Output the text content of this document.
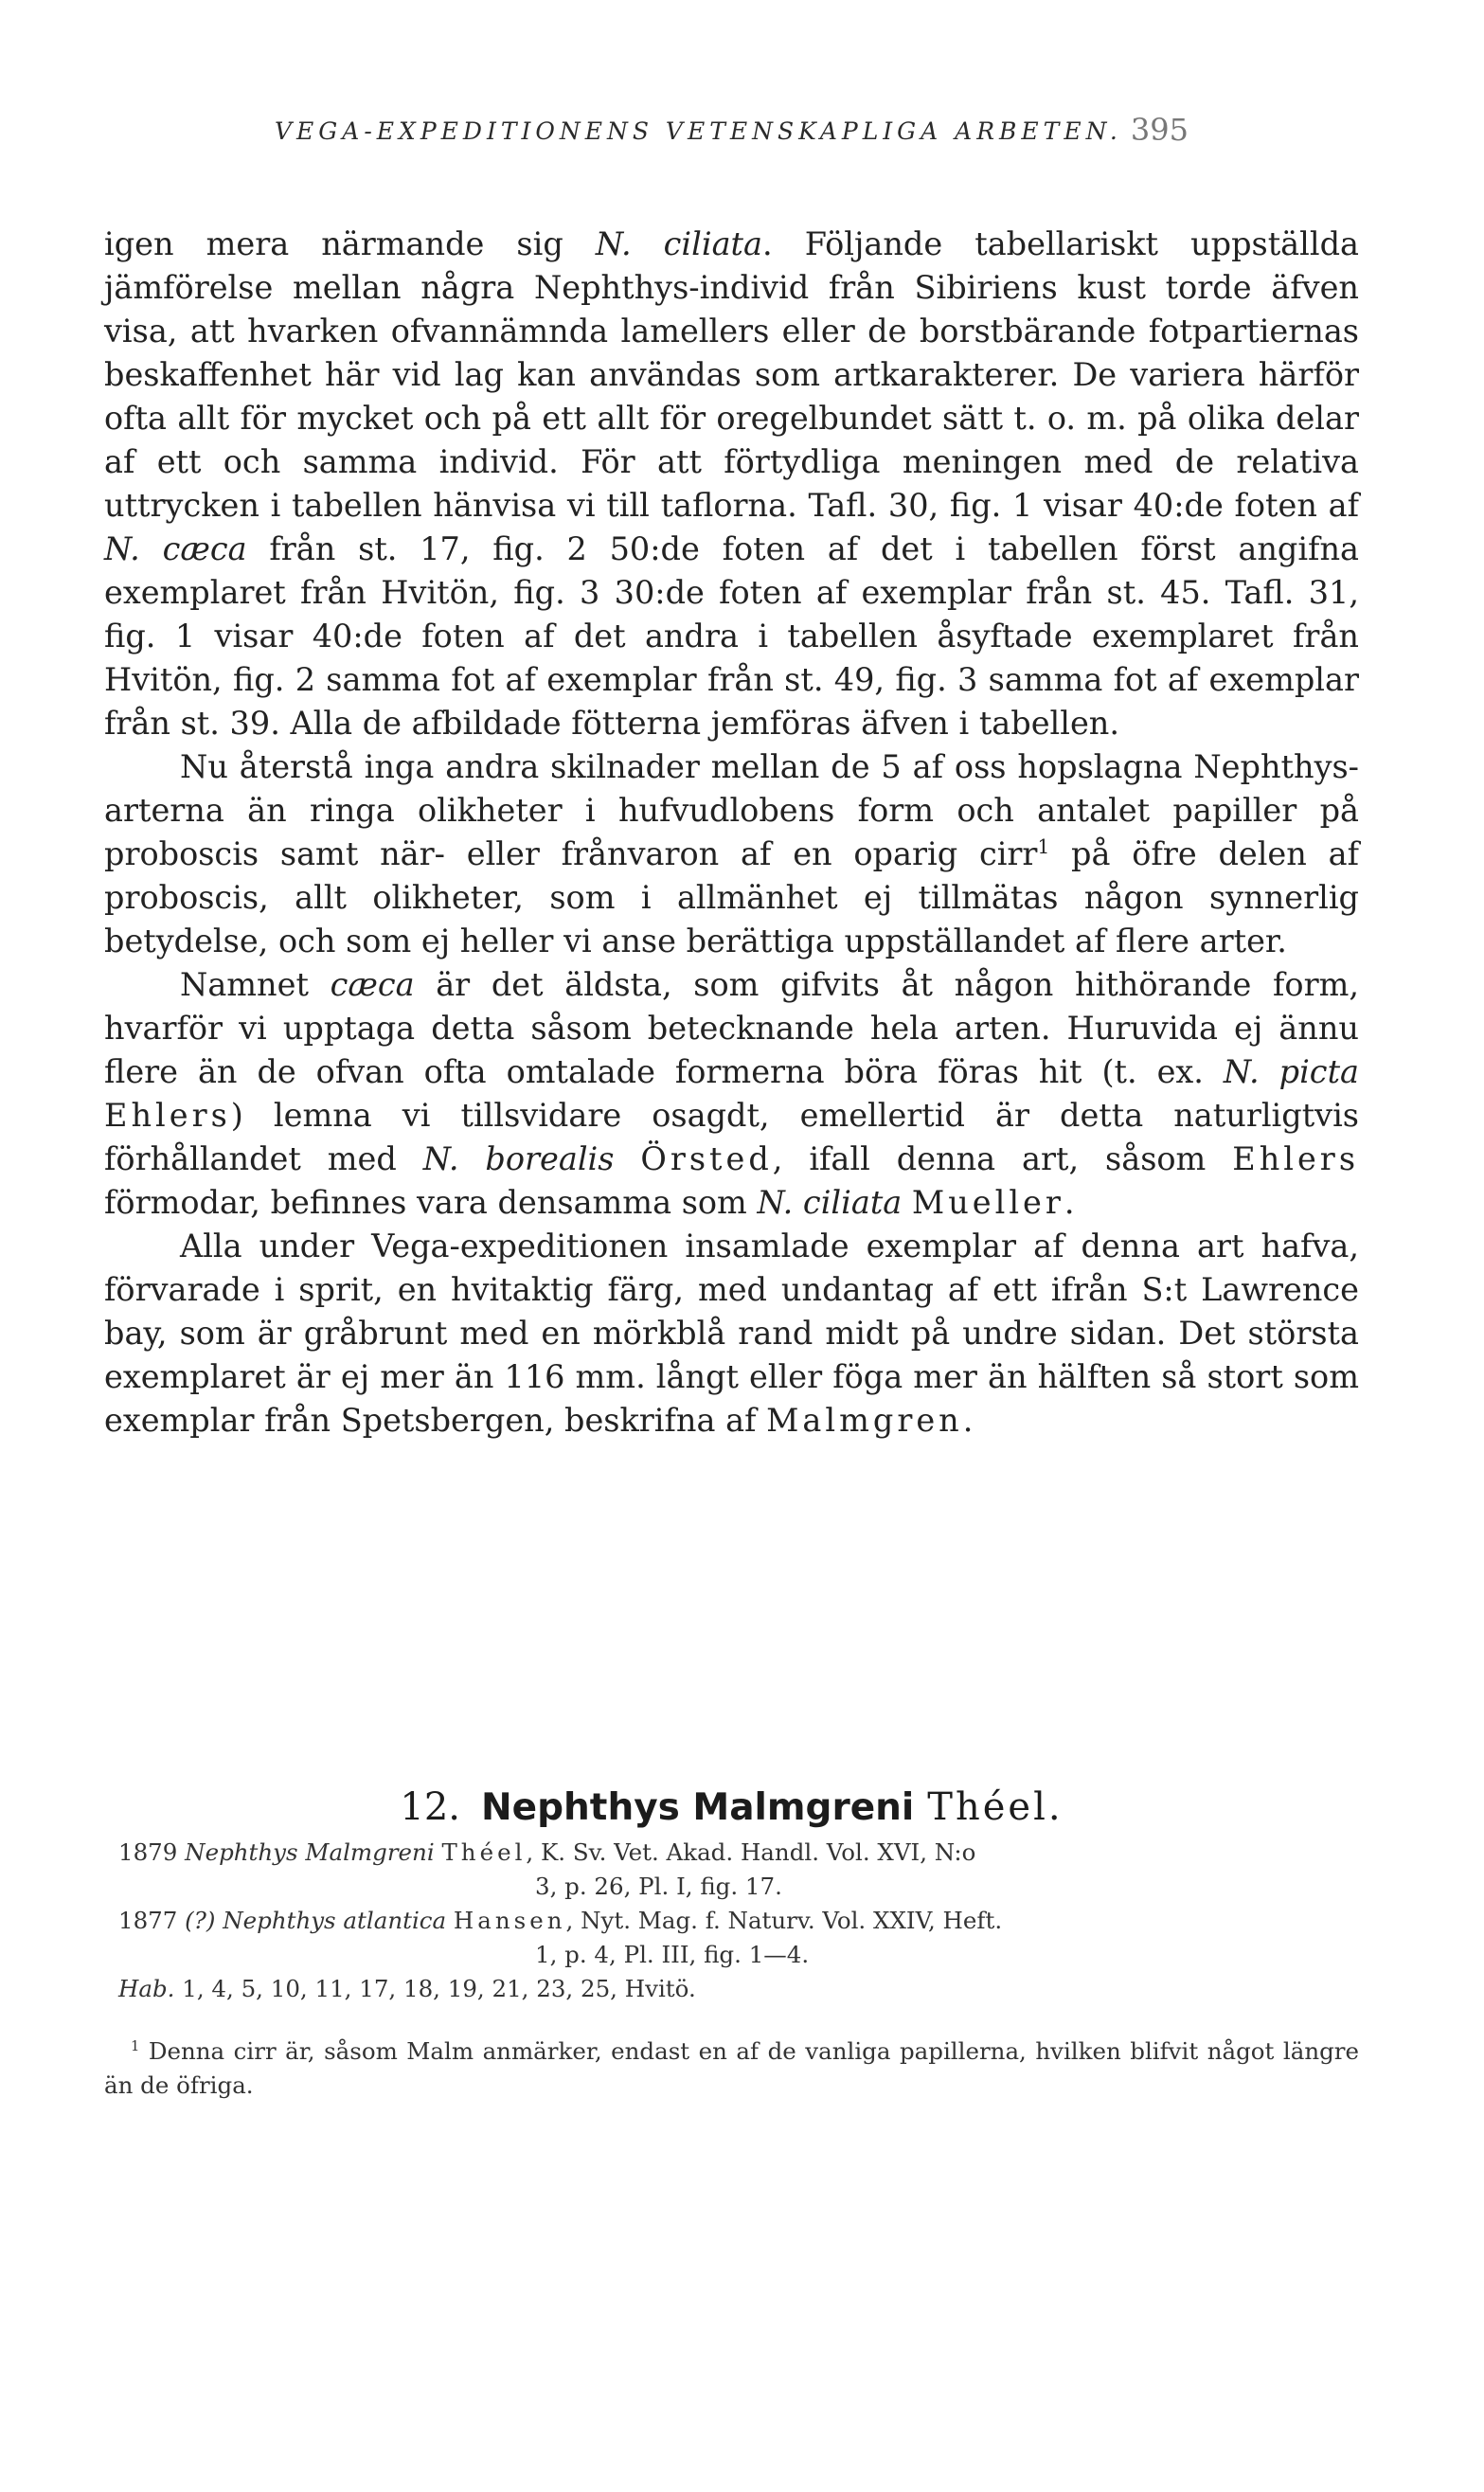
VEGA-EXPEDITIONENS VETENSKAPLIGA ARBETEN. 395

igen mera närmande sig N. ciliata. Följande tabellariskt uppställda jämförelse mellan några Nephthys-individ från Sibiriens kust torde äfven visa, att hvarken ofvannämnda lamellers eller de borstbärande fotpartiernas beskaffenhet här vid lag kan användas som artkarakterer. De variera härför ofta allt för mycket och på ett allt för oregelbundet sätt t. o. m. på olika delar af ett och samma individ. För att förtydliga meningen med de relativa uttrycken i tabellen hänvisa vi till taflorna. Tafl. 30, fig. 1 visar 40:de foten af N. cæca från st. 17, fig. 2 50:de foten af det i tabellen först angifna exemplaret från Hvitön, fig. 3 30:de foten af exemplar från st. 45. Tafl. 31, fig. 1 visar 40:de foten af det andra i tabellen åsyftade exemplaret från Hvitön, fig. 2 samma fot af exemplar från st. 49, fig. 3 samma fot af exemplar från st. 39. Alla de afbildade fötterna jemföras äfven i tabellen.

Nu återstå inga andra skilnader mellan de 5 af oss hopslagna Nephthys-arterna än ringa olikheter i hufvudlobens form och antalet papiller på proboscis samt när- eller frånvaron af en oparig cirr$^1$ på öfre delen af proboscis, allt olikheter, som i allmänhet ej tillmätas någon synnerlig betydelse, och som ej heller vi anse berättiga uppställandet af flere arter.

Namnet cæca är det äldsta, som gifvits åt någon hithörande form, hvarför vi upptaga detta såsom betecknande hela arten. Huruvida ej ännu flere än de ofvan ofta omtalade formerna böra föras hit (t. ex. N. picta Ehlers) lemna vi tillsvidare osagdt, emellertid är detta naturligtvis förhållandet med N. borealis Örsted, ifall denna art, såsom Ehlers förmodar, befinnes vara densamma som N. ciliata Mueller.

Alla under Vega-expeditionen insamlade exemplar af denna art hafva, förvarade i sprit, en hvitaktig färg, med undantag af ett ifrån S:t Lawrence bay, som är gråbrunt med en mörkblå rand midt på undre sidan. Det största exemplaret är ej mer än 116 mm. långt eller föga mer än hälften så stort som exemplar från Spetsbergen, beskrifna af Malmgren.

12. Nephthys Malmgreni Théel.
1879 Nephthys Malmgreni Théel, K. Sv. Vet. Akad. Handl. Vol. XVI, N:o
3, p. 26, Pl. I, fig. 17.
1877 (?) Nephthys atlantica Hansen, Nyt. Mag. f. Naturv. Vol. XXIV, Heft.
1, p. 4, Pl. III, fig. 1—4.
Hab. 1, 4, 5, 10, 11, 17, 18, 19, 21, 23, 25, Hvitö.

$^1$ Denna cirr är, såsom Malm anmärker, endast en af de vanliga papillerna, hvilken blifvit något längre än de öfriga.
